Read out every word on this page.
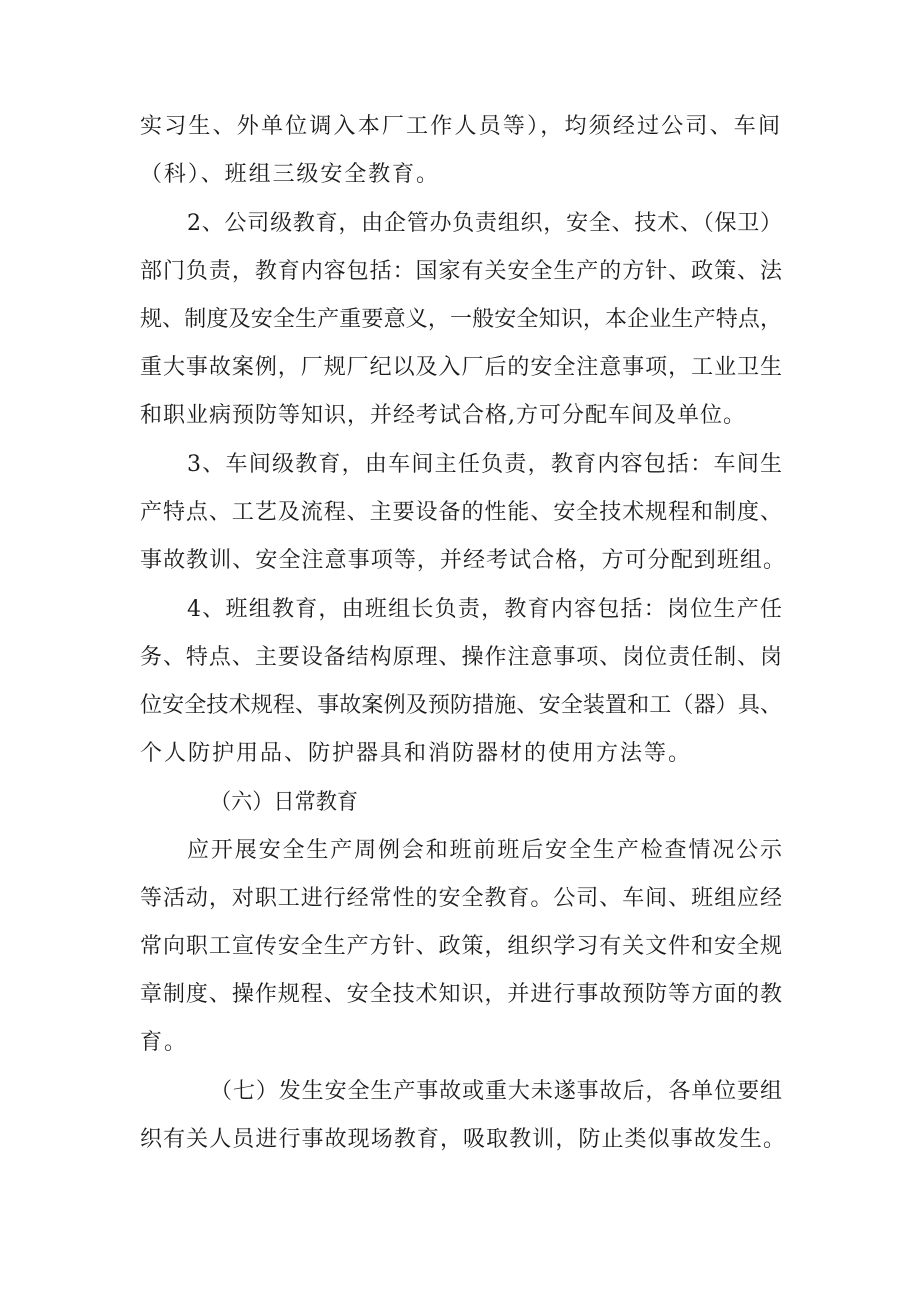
实习生、外单位调入本厂工作人员等），均须经过公司、车间
（科）、班组三级安全教育。
2、公司级教育，由企管办负责组织，安全、技术、（保卫）
部门负责，教育内容包括：国家有关安全生产的方针、政策、法
规、制度及安全生产重要意义，一般安全知识，本企业生产特点，
重大事故案例，厂规厂纪以及入厂后的安全注意事项，工业卫生
和职业病预防等知识，并经考试合格,方可分配车间及单位。
3、车间级教育，由车间主任负责，教育内容包括：车间生
产特点、工艺及流程、主要设备的性能、安全技术规程和制度、
事故教训、安全注意事项等，并经考试合格，方可分配到班组。
4、班组教育，由班组长负责，教育内容包括：岗位生产任
务、特点、主要设备结构原理、操作注意事项、岗位责任制、岗
位安全技术规程、事故案例及预防措施、安全装置和工（器）具、
个人防护用品、防护器具和消防器材的使用方法等。
（六）日常教育
应开展安全生产周例会和班前班后安全生产检查情况公示
等活动，对职工进行经常性的安全教育。公司、车间、班组应经
常向职工宣传安全生产方针、政策，组织学习有关文件和安全规
章制度、操作规程、安全技术知识，并进行事故预防等方面的教
育。
（七）发生安全生产事故或重大未遂事故后，各单位要组
织有关人员进行事故现场教育，吸取教训，防止类似事故发生。
